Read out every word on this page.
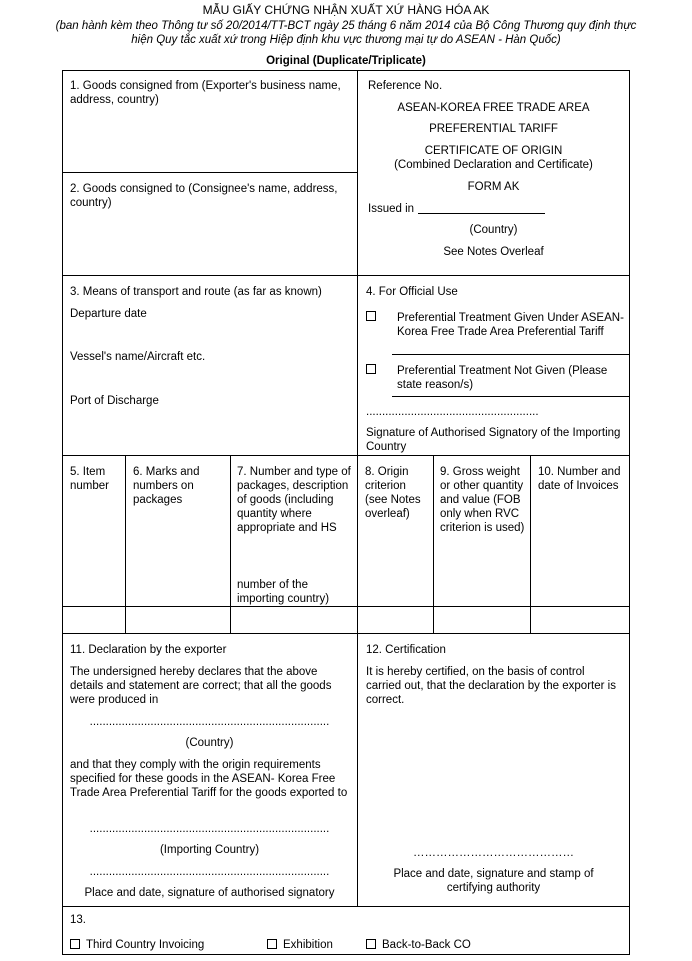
MẪU GIẤY CHỨNG NHẬN XUẤT XỨ HÀNG HÓA AK
(ban hành kèm theo Thông tư số 20/2014/TT-BCT ngày 25 tháng 6 năm 2014 của Bộ Công Thương quy định thực hiện Quy tắc xuất xứ trong Hiệp định khu vực thương mại tự do ASEAN - Hàn Quốc)
Original (Duplicate/Triplicate)
1. Goods consigned from (Exporter's business name, address, country)
2. Goods consigned to (Consignee's name, address, country)
Reference No.
ASEAN-KOREA FREE TRADE AREA
PREFERENTIAL TARIFF
CERTIFICATE OF ORIGIN
(Combined Declaration and Certificate)
FORM AK
Issued in
(Country)
See Notes Overleaf
3. Means of transport and route (as far as known)
Departure date
Vessel's name/Aircraft etc.
Port of Discharge
4. For Official Use
Preferential Treatment Given Under ASEAN- Korea Free Trade Area Preferential Tariff
Preferential Treatment Not Given (Please state reason/s)
......................................................
Signature of Authorised Signatory of the Importing Country
5. Item number
6. Marks and numbers on packages
7. Number and type of packages, description of goods (including quantity where appropriate and HS
number of the importing country)
8. Origin criterion (see Notes overleaf)
9. Gross weight or other quantity and value (FOB only when RVC criterion is used)
10. Number and date of Invoices
11. Declaration by the exporter
The undersigned hereby declares that the above details and statement are correct; that all the goods were produced in
...........................................................................
(Country)
and that they comply with the origin requirements specified for these goods in the ASEAN- Korea Free Trade Area Preferential Tariff for the goods exported to
...........................................................................
(Importing Country)
...........................................................................
Place and date, signature of authorised signatory
12. Certification
It is hereby certified, on the basis of control carried out, that the declaration by the exporter is correct.
……………………………………
Place and date, signature and stamp of certifying authority
13.
Third Country Invoicing	Exhibition	Back-to-Back CO
